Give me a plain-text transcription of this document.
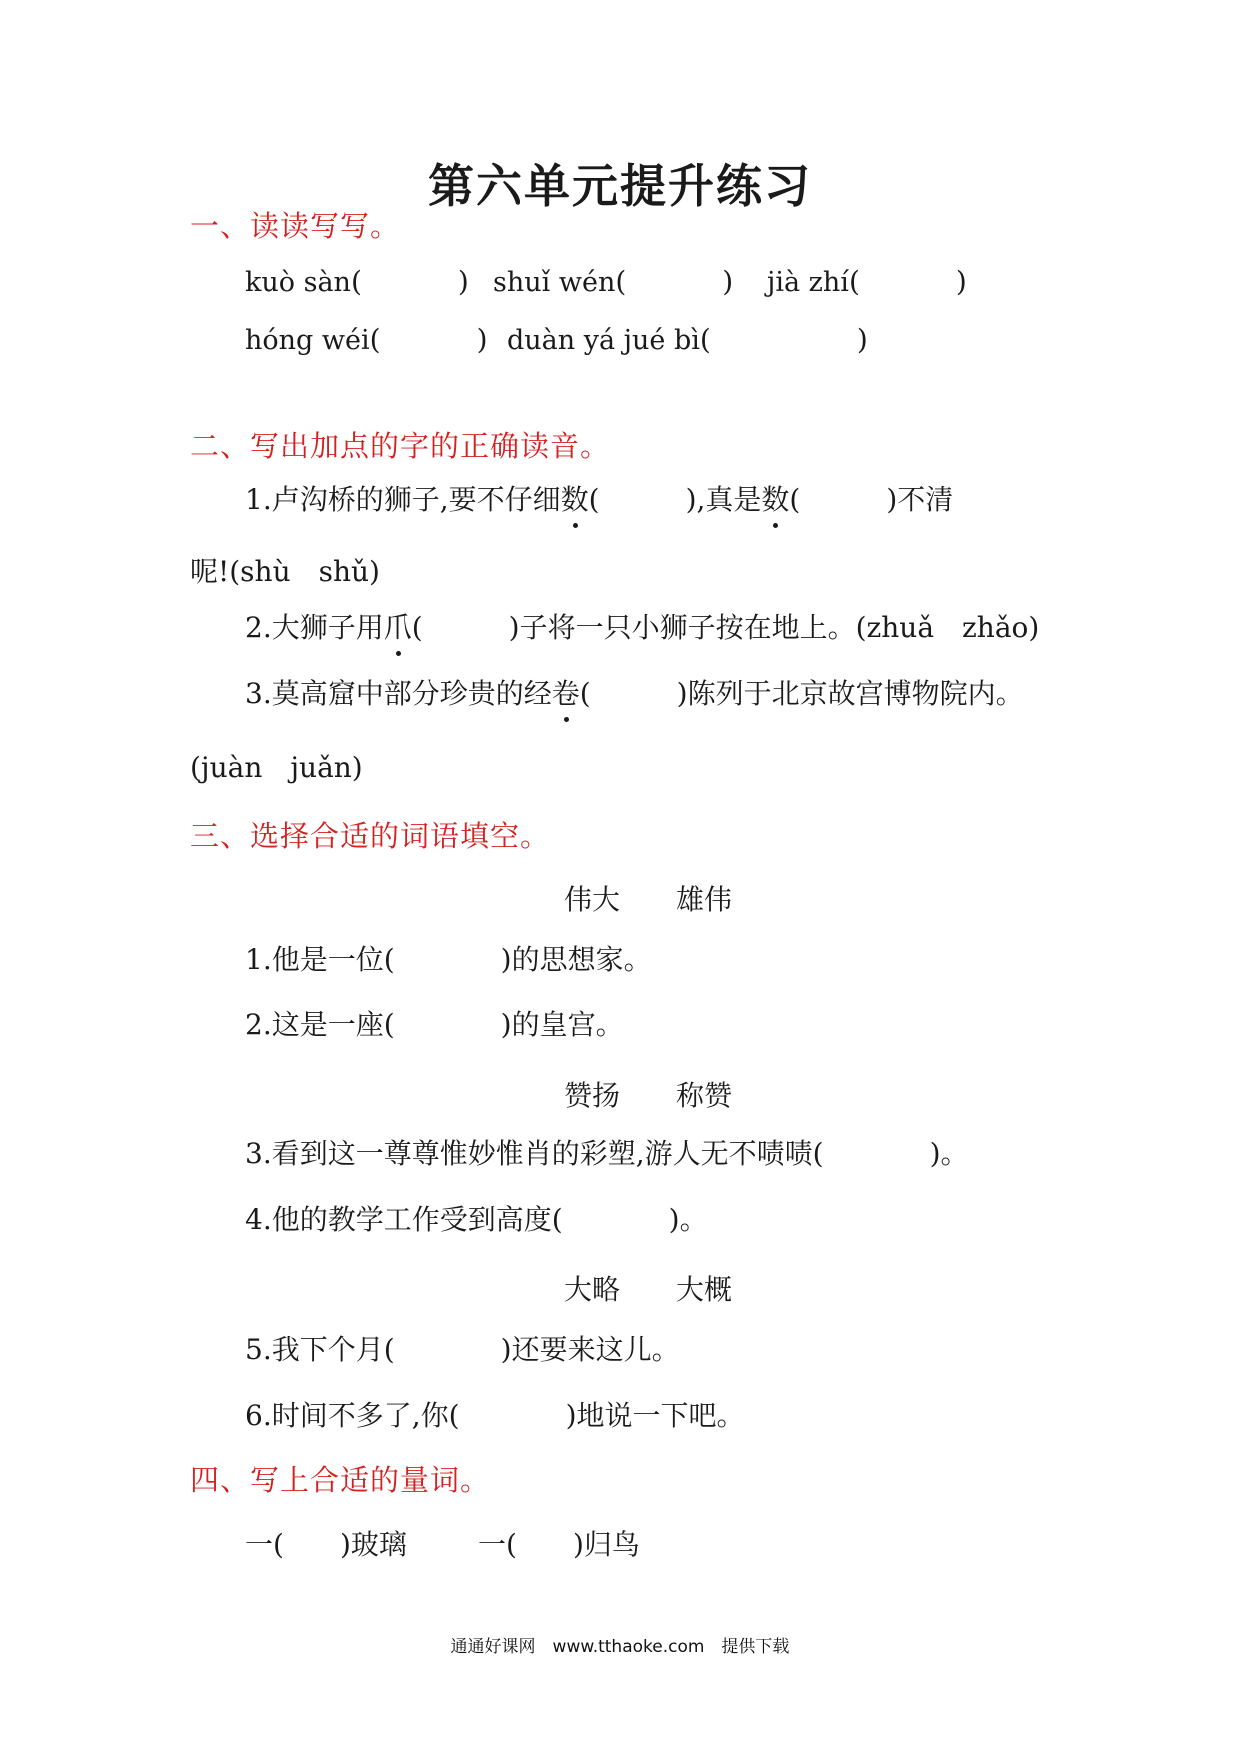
第六单元提升练习
一、读读写写。
kuò sàn(	) shuǐ wén(	) jià zhí(	)
hóng wéi(	) duàn yá jué bì(	)
二、写出加点的字的正确读音。
1.卢沟桥的狮子,要不仔细数(	),真是数(	)不清
呢!(shù　shǔ)
2.大狮子用爪(	)子将一只小狮子按在地上。(zhuǎ　zhǎo)
3.莫高窟中部分珍贵的经卷(	)陈列于北京故宫博物院内。
(juàn　juǎn)
三、选择合适的词语填空。
伟大 雄伟
1.他是一位(	)的思想家。
2.这是一座(	)的皇宫。
赞扬 称赞
3.看到这一尊尊惟妙惟肖的彩塑,游人无不啧啧(	)。
4.他的教学工作受到高度(	)。
大略 大概
5.我下个月(	)还要来这儿。
6.时间不多了,你(	)地说一下吧。
四、写上合适的量词。
一( )玻璃	一( )归鸟
通通好课网　www.tthaoke.com　提供下载
